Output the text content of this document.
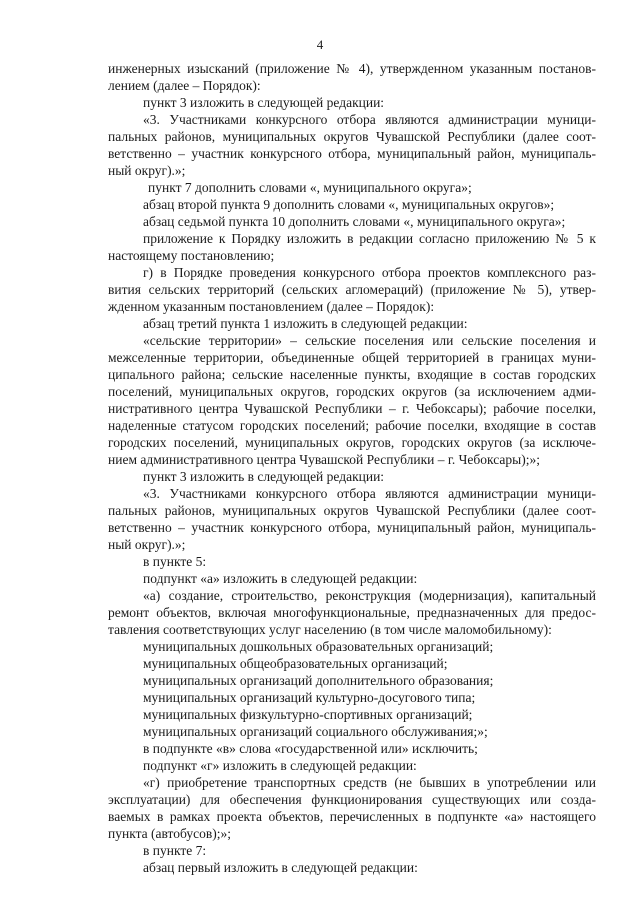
4
инженерных изысканий (приложение № 4), утвержденном указанным постанов-
лением (далее – Порядок):
пункт 3 изложить в следующей редакции:
«3. Участниками конкурсного отбора являются администрации муници-
пальных районов, муниципальных округов Чувашской Республики (далее соот-
ветственно – участник конкурсного отбора, муниципальный район, муниципаль-
ный округ).»;
пункт 7 дополнить словами «, муниципального округа»;
абзац второй пункта 9 дополнить словами «, муниципальных округов»;
абзац седьмой пункта 10 дополнить словами «, муниципального округа»;
приложение к Порядку изложить в редакции согласно приложению № 5 к
настоящему постановлению;
г) в Порядке проведения конкурсного отбора проектов комплексного раз-
вития сельских территорий (сельских агломераций) (приложение № 5), утвер-
жденном указанным постановлением (далее – Порядок):
абзац третий пункта 1 изложить в следующей редакции:
«сельские территории» – сельские поселения или сельские поселения и
межселенные территории, объединенные общей территорией в границах муни-
ципального района; сельские населенные пункты, входящие в состав городских
поселений, муниципальных округов, городских округов (за исключением адми-
нистративного центра Чувашской Республики – г. Чебоксары); рабочие поселки,
наделенные статусом городских поселений; рабочие поселки, входящие в состав
городских поселений, муниципальных округов, городских округов (за исключе-
нием административного центра Чувашской Республики – г. Чебоксары);»;
пункт 3 изложить в следующей редакции:
«3. Участниками конкурсного отбора являются администрации муници-
пальных районов, муниципальных округов Чувашской Республики (далее соот-
ветственно – участник конкурсного отбора, муниципальный район, муниципаль-
ный округ).»;
в пункте 5:
подпункт «а» изложить в следующей редакции:
«а) создание, строительство, реконструкция (модернизация), капитальный
ремонт объектов, включая многофункциональные, предназначенных для предос-
тавления соответствующих услуг населению (в том числе маломобильному):
муниципальных дошкольных образовательных организаций;
муниципальных общеобразовательных организаций;
муниципальных организаций дополнительного образования;
муниципальных организаций культурно-досугового типа;
муниципальных физкультурно-спортивных организаций;
муниципальных организаций социального обслуживания;»;
в подпункте «в» слова «государственной или» исключить;
подпункт «г» изложить в следующей редакции:
«г) приобретение транспортных средств (не бывших в употреблении или
эксплуатации) для обеспечения функционирования существующих или созда-
ваемых в рамках проекта объектов, перечисленных в подпункте «а» настоящего
пункта (автобусов);»;
в пункте 7:
абзац первый изложить в следующей редакции:
